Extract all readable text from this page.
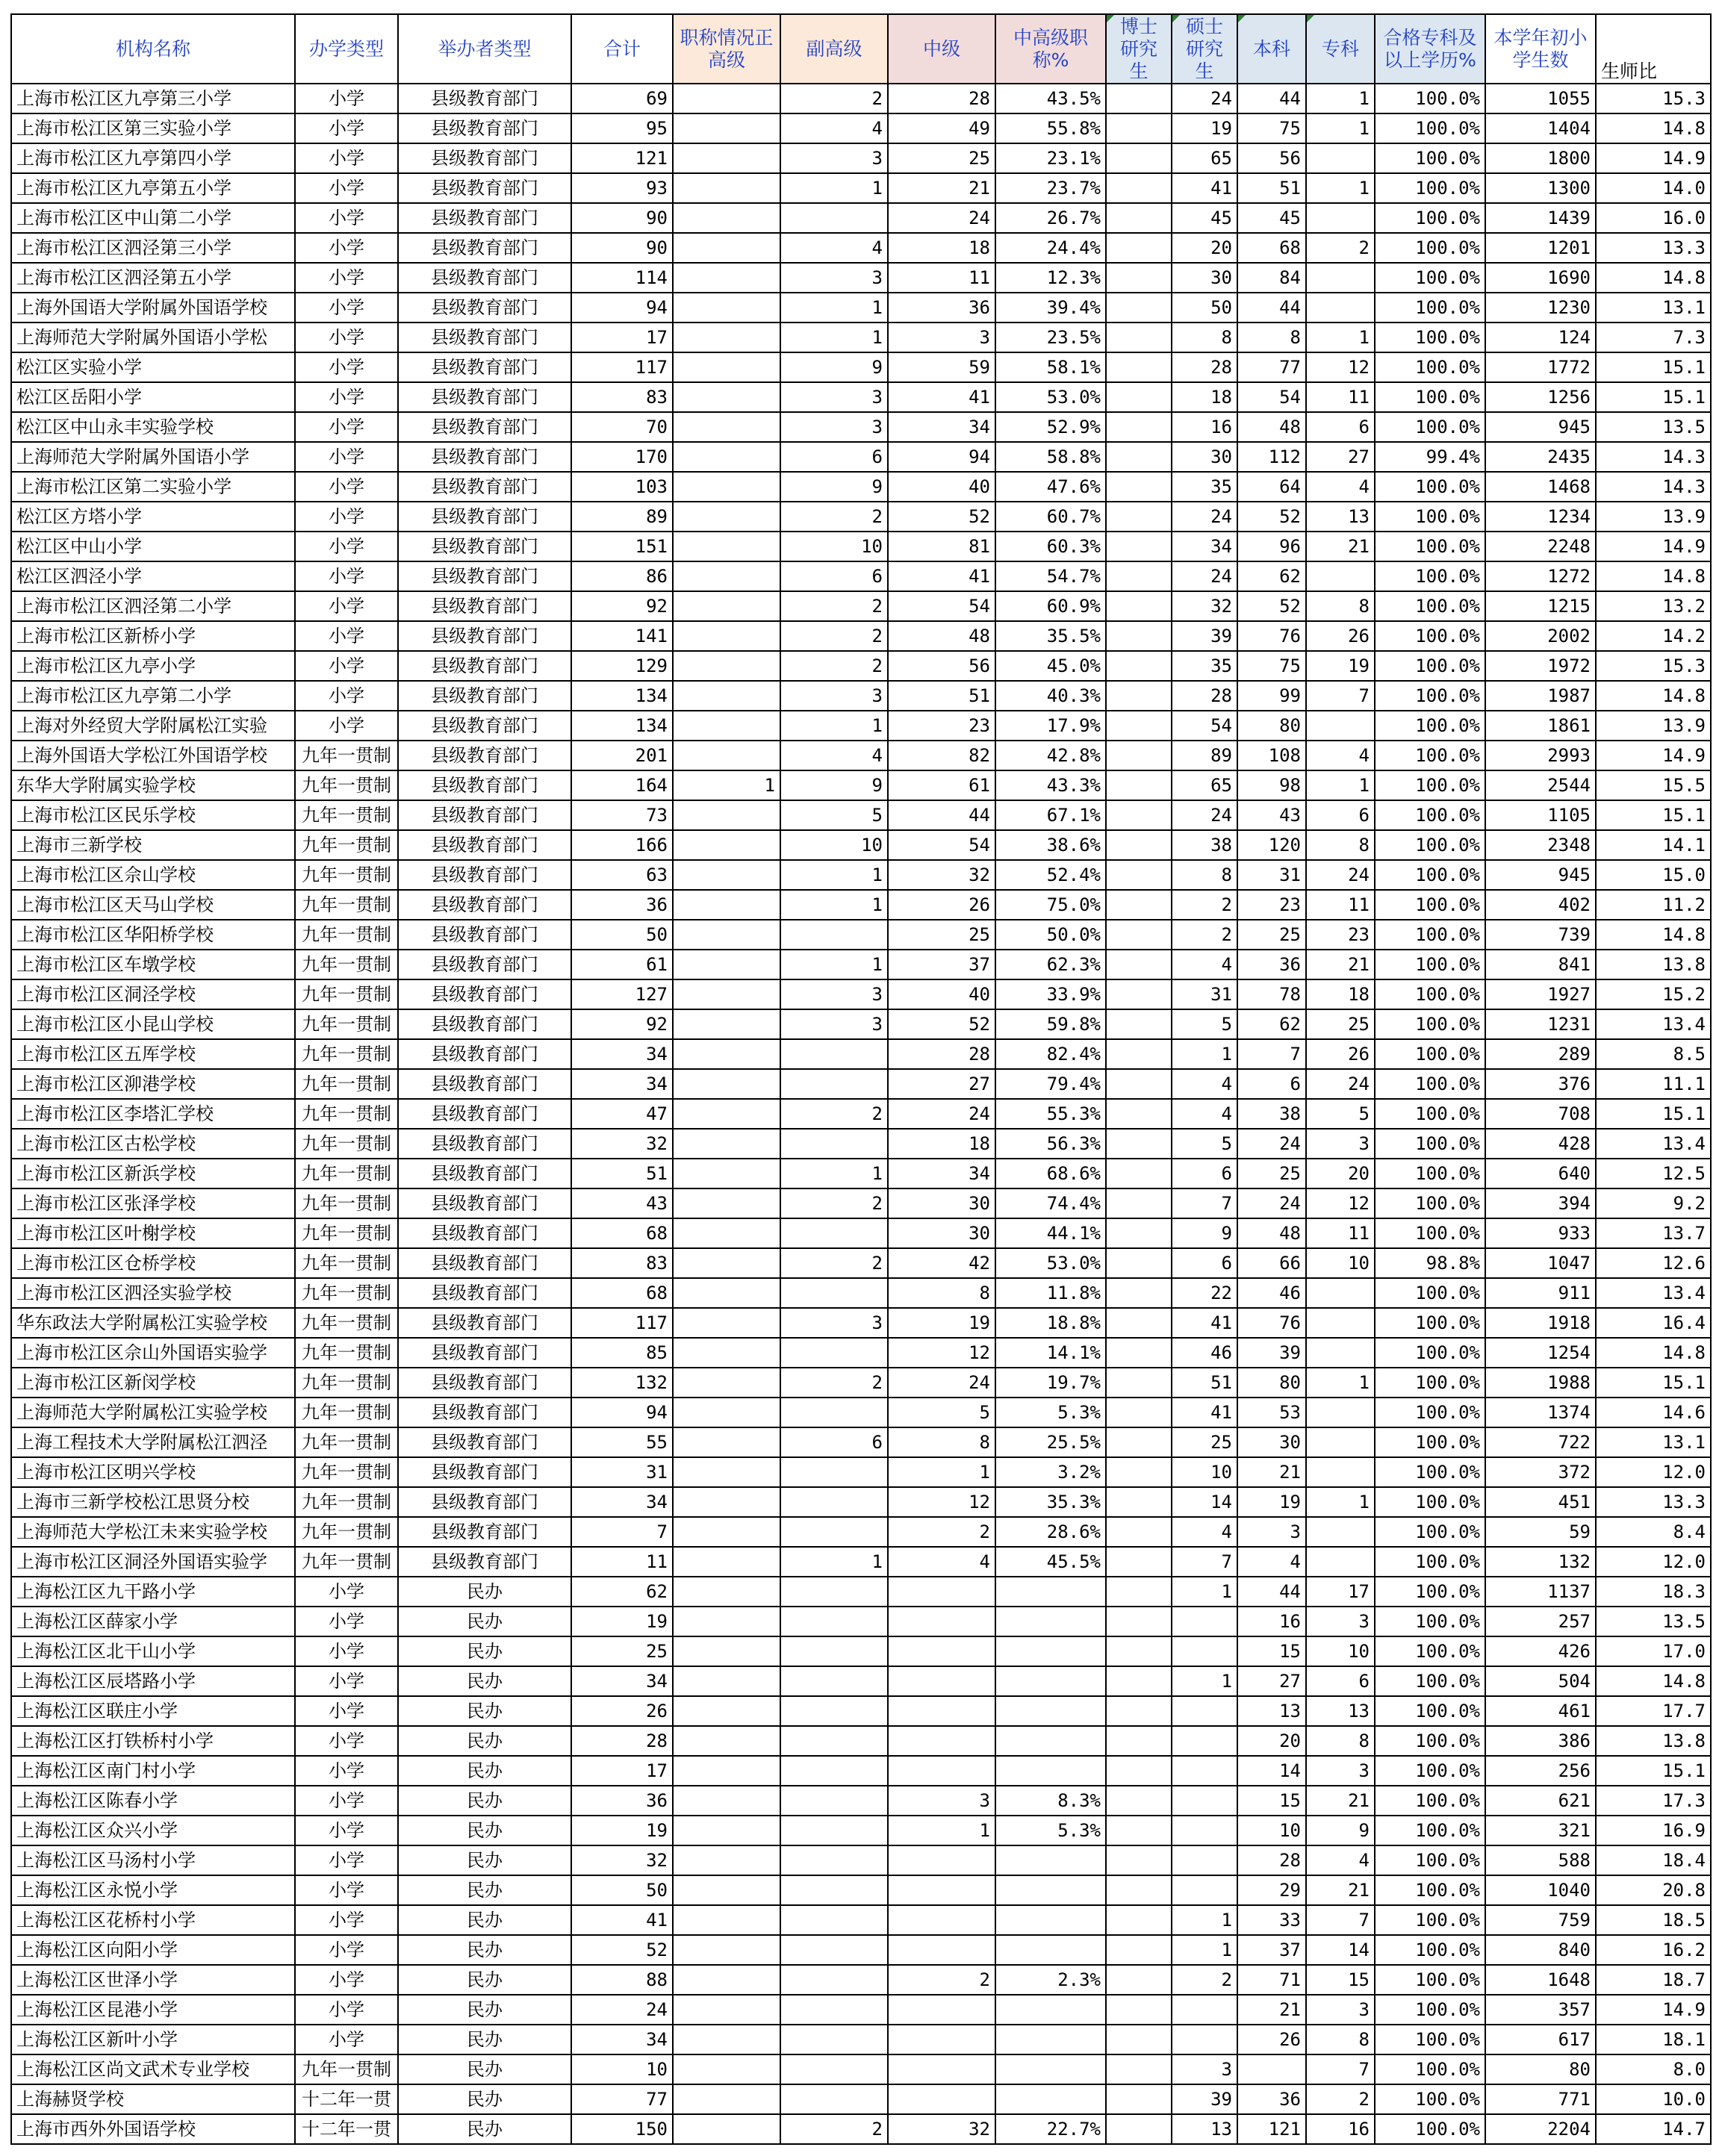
机构名称	办学类型	举办者类型	合计	职称情况正高级	副高级	中级	中高级职称%	博士研究生	硕士研究生	本科	专科	合格专科及以上学历%	本学年初小学生数	生师比
上海市松江区九亭第三小学	小学	县级教育部门	69		2	28	43.5%		24	44	1	100.0%	1055	15.3
上海市松江区第三实验小学	小学	县级教育部门	95		4	49	55.8%		19	75	1	100.0%	1404	14.8
上海市松江区九亭第四小学	小学	县级教育部门	121		3	25	23.1%		65	56		100.0%	1800	14.9
上海市松江区九亭第五小学	小学	县级教育部门	93		1	21	23.7%		41	51	1	100.0%	1300	14.0
上海市松江区中山第二小学	小学	县级教育部门	90			24	26.7%		45	45		100.0%	1439	16.0
上海市松江区泗泾第三小学	小学	县级教育部门	90		4	18	24.4%		20	68	2	100.0%	1201	13.3
上海市松江区泗泾第五小学	小学	县级教育部门	114		3	11	12.3%		30	84		100.0%	1690	14.8
上海外国语大学附属外国语学校	小学	县级教育部门	94		1	36	39.4%		50	44		100.0%	1230	13.1
上海师范大学附属外国语小学松	小学	县级教育部门	17		1	3	23.5%		8	8	1	100.0%	124	7.3
松江区实验小学	小学	县级教育部门	117		9	59	58.1%		28	77	12	100.0%	1772	15.1
松江区岳阳小学	小学	县级教育部门	83		3	41	53.0%		18	54	11	100.0%	1256	15.1
松江区中山永丰实验学校	小学	县级教育部门	70		3	34	52.9%		16	48	6	100.0%	945	13.5
上海师范大学附属外国语小学	小学	县级教育部门	170		6	94	58.8%		30	112	27	99.4%	2435	14.3
上海市松江区第二实验小学	小学	县级教育部门	103		9	40	47.6%		35	64	4	100.0%	1468	14.3
松江区方塔小学	小学	县级教育部门	89		2	52	60.7%		24	52	13	100.0%	1234	13.9
松江区中山小学	小学	县级教育部门	151		10	81	60.3%		34	96	21	100.0%	2248	14.9
松江区泗泾小学	小学	县级教育部门	86		6	41	54.7%		24	62		100.0%	1272	14.8
上海市松江区泗泾第二小学	小学	县级教育部门	92		2	54	60.9%		32	52	8	100.0%	1215	13.2
上海市松江区新桥小学	小学	县级教育部门	141		2	48	35.5%		39	76	26	100.0%	2002	14.2
上海市松江区九亭小学	小学	县级教育部门	129		2	56	45.0%		35	75	19	100.0%	1972	15.3
上海市松江区九亭第二小学	小学	县级教育部门	134		3	51	40.3%		28	99	7	100.0%	1987	14.8
上海对外经贸大学附属松江实验	小学	县级教育部门	134		1	23	17.9%		54	80		100.0%	1861	13.9
上海外国语大学松江外国语学校	九年一贯制	县级教育部门	201		4	82	42.8%		89	108	4	100.0%	2993	14.9
东华大学附属实验学校	九年一贯制	县级教育部门	164	1	9	61	43.3%		65	98	1	100.0%	2544	15.5
上海市松江区民乐学校	九年一贯制	县级教育部门	73		5	44	67.1%		24	43	6	100.0%	1105	15.1
上海市三新学校	九年一贯制	县级教育部门	166		10	54	38.6%		38	120	8	100.0%	2348	14.1
上海市松江区佘山学校	九年一贯制	县级教育部门	63		1	32	52.4%		8	31	24	100.0%	945	15.0
上海市松江区天马山学校	九年一贯制	县级教育部门	36		1	26	75.0%		2	23	11	100.0%	402	11.2
上海市松江区华阳桥学校	九年一贯制	县级教育部门	50			25	50.0%		2	25	23	100.0%	739	14.8
上海市松江区车墩学校	九年一贯制	县级教育部门	61		1	37	62.3%		4	36	21	100.0%	841	13.8
上海市松江区洞泾学校	九年一贯制	县级教育部门	127		3	40	33.9%		31	78	18	100.0%	1927	15.2
上海市松江区小昆山学校	九年一贯制	县级教育部门	92		3	52	59.8%		5	62	25	100.0%	1231	13.4
上海市松江区五厍学校	九年一贯制	县级教育部门	34			28	82.4%		1	7	26	100.0%	289	8.5
上海市松江区泖港学校	九年一贯制	县级教育部门	34			27	79.4%		4	6	24	100.0%	376	11.1
上海市松江区李塔汇学校	九年一贯制	县级教育部门	47		2	24	55.3%		4	38	5	100.0%	708	15.1
上海市松江区古松学校	九年一贯制	县级教育部门	32			18	56.3%		5	24	3	100.0%	428	13.4
上海市松江区新浜学校	九年一贯制	县级教育部门	51		1	34	68.6%		6	25	20	100.0%	640	12.5
上海市松江区张泽学校	九年一贯制	县级教育部门	43		2	30	74.4%		7	24	12	100.0%	394	9.2
上海市松江区叶榭学校	九年一贯制	县级教育部门	68			30	44.1%		9	48	11	100.0%	933	13.7
上海市松江区仓桥学校	九年一贯制	县级教育部门	83		2	42	53.0%		6	66	10	98.8%	1047	12.6
上海市松江区泗泾实验学校	九年一贯制	县级教育部门	68			8	11.8%		22	46		100.0%	911	13.4
华东政法大学附属松江实验学校	九年一贯制	县级教育部门	117		3	19	18.8%		41	76		100.0%	1918	16.4
上海市松江区佘山外国语实验学	九年一贯制	县级教育部门	85			12	14.1%		46	39		100.0%	1254	14.8
上海市松江区新闵学校	九年一贯制	县级教育部门	132		2	24	19.7%		51	80	1	100.0%	1988	15.1
上海师范大学附属松江实验学校	九年一贯制	县级教育部门	94			5	5.3%		41	53		100.0%	1374	14.6
上海工程技术大学附属松江泗泾	九年一贯制	县级教育部门	55		6	8	25.5%		25	30		100.0%	722	13.1
上海市松江区明兴学校	九年一贯制	县级教育部门	31			1	3.2%		10	21		100.0%	372	12.0
上海市三新学校松江思贤分校	九年一贯制	县级教育部门	34			12	35.3%		14	19	1	100.0%	451	13.3
上海师范大学松江未来实验学校	九年一贯制	县级教育部门	7			2	28.6%		4	3		100.0%	59	8.4
上海市松江区洞泾外国语实验学	九年一贯制	县级教育部门	11		1	4	45.5%		7	4		100.0%	132	12.0
上海松江区九干路小学	小学	民办	62						1	44	17	100.0%	1137	18.3
上海松江区薛家小学	小学	民办	19							16	3	100.0%	257	13.5
上海松江区北干山小学	小学	民办	25							15	10	100.0%	426	17.0
上海松江区辰塔路小学	小学	民办	34						1	27	6	100.0%	504	14.8
上海松江区联庄小学	小学	民办	26							13	13	100.0%	461	17.7
上海松江区打铁桥村小学	小学	民办	28							20	8	100.0%	386	13.8
上海松江区南门村小学	小学	民办	17							14	3	100.0%	256	15.1
上海松江区陈春小学	小学	民办	36			3	8.3%			15	21	100.0%	621	17.3
上海松江区众兴小学	小学	民办	19			1	5.3%			10	9	100.0%	321	16.9
上海松江区马汤村小学	小学	民办	32							28	4	100.0%	588	18.4
上海松江区永悦小学	小学	民办	50							29	21	100.0%	1040	20.8
上海松江区花桥村小学	小学	民办	41						1	33	7	100.0%	759	18.5
上海松江区向阳小学	小学	民办	52						1	37	14	100.0%	840	16.2
上海松江区世泽小学	小学	民办	88			2	2.3%		2	71	15	100.0%	1648	18.7
上海松江区昆港小学	小学	民办	24							21	3	100.0%	357	14.9
上海松江区新叶小学	小学	民办	34							26	8	100.0%	617	18.1
上海松江区尚文武术专业学校	九年一贯制	民办	10						3		7	100.0%	80	8.0
上海赫贤学校	十二年一贯	民办	77						39	36	2	100.0%	771	10.0
上海市西外外国语学校	十二年一贯	民办	150		2	32	22.7%		13	121	16	100.0%	2204	14.7
